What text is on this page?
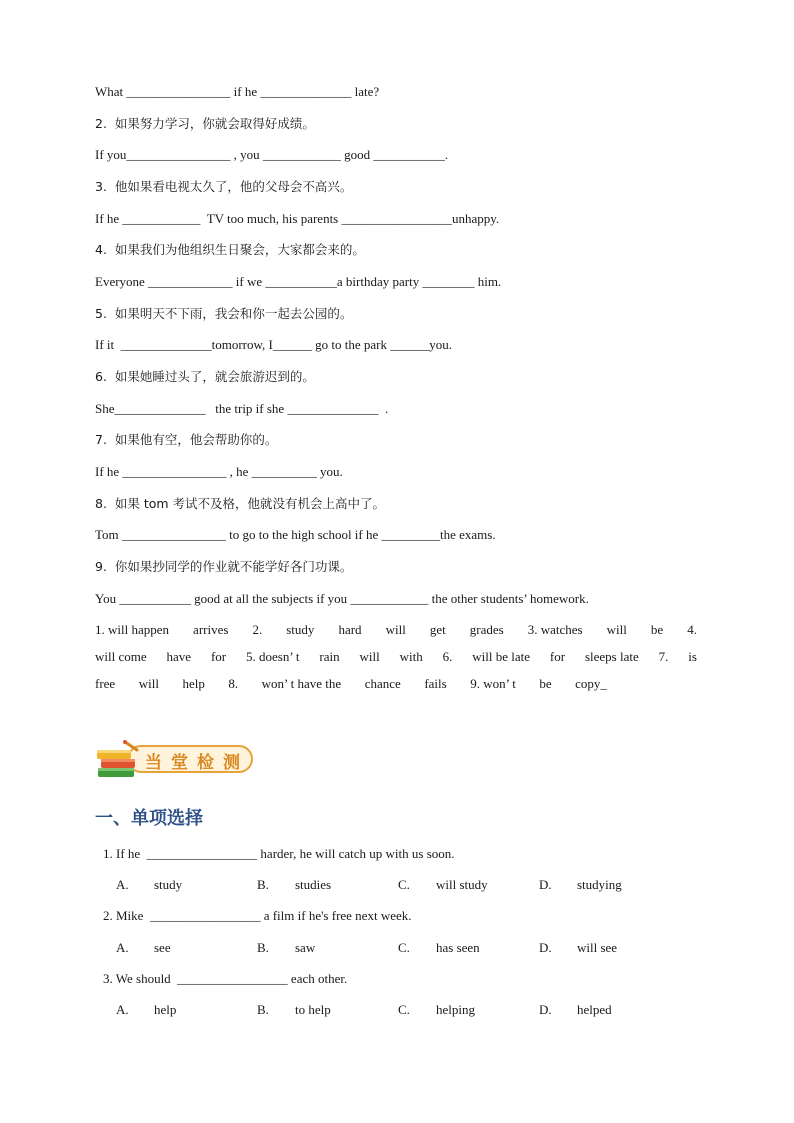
What ________________ if he ______________ late?
2.  如果努力学习，你就会取得好成绩。
If you________________ , you ____________ good ___________.
3.  他如果看电视太久了，他的父母会不高兴。
If he ____________  TV too much, his parents _________________unhappy.
4.  如果我们为他组织生日聚会，大家都会来的。
Everyone _____________ if we ___________a birthday party ________ him.
5.  如果明天不下雨，我会和你一起去公园的。
If it  ______________tomorrow, I______ go to the park ______you.
6.  如果她睡过头了，就会旅游迟到的。
She______________   the trip if she ______________  .
7.  如果他有空，他会帮助你的。
If he ________________ , he __________ you.
8.  如果 tom 考试不及格，他就没有机会上高中了。
Tom ________________ to go to the high school if he _________the exams.
9.  你如果抄同学的作业就不能学好各门功课。
You ___________ good at all the subjects if you ____________ the other students’ homework.
1. will happen arrives 2. study hard will get grades 3. watches will be 4.
will come have for 5. doesn’ t rain will with 6. will be late for sleeps late 7. is
free will help 8. won’ t have the chance fails 9. won’ t be copy_
当堂检测
一、单项选择
1. If he  _________________ harder, he will catch up with us soon.
A. study	B. studies	C. will study	D. studying
2. Mike  _________________ a film if he's free next week.
A. see	B. saw	C. has seen	D. will see
3. We should  _________________ each other.
A. help	B. to help	C. helping	D. helped
